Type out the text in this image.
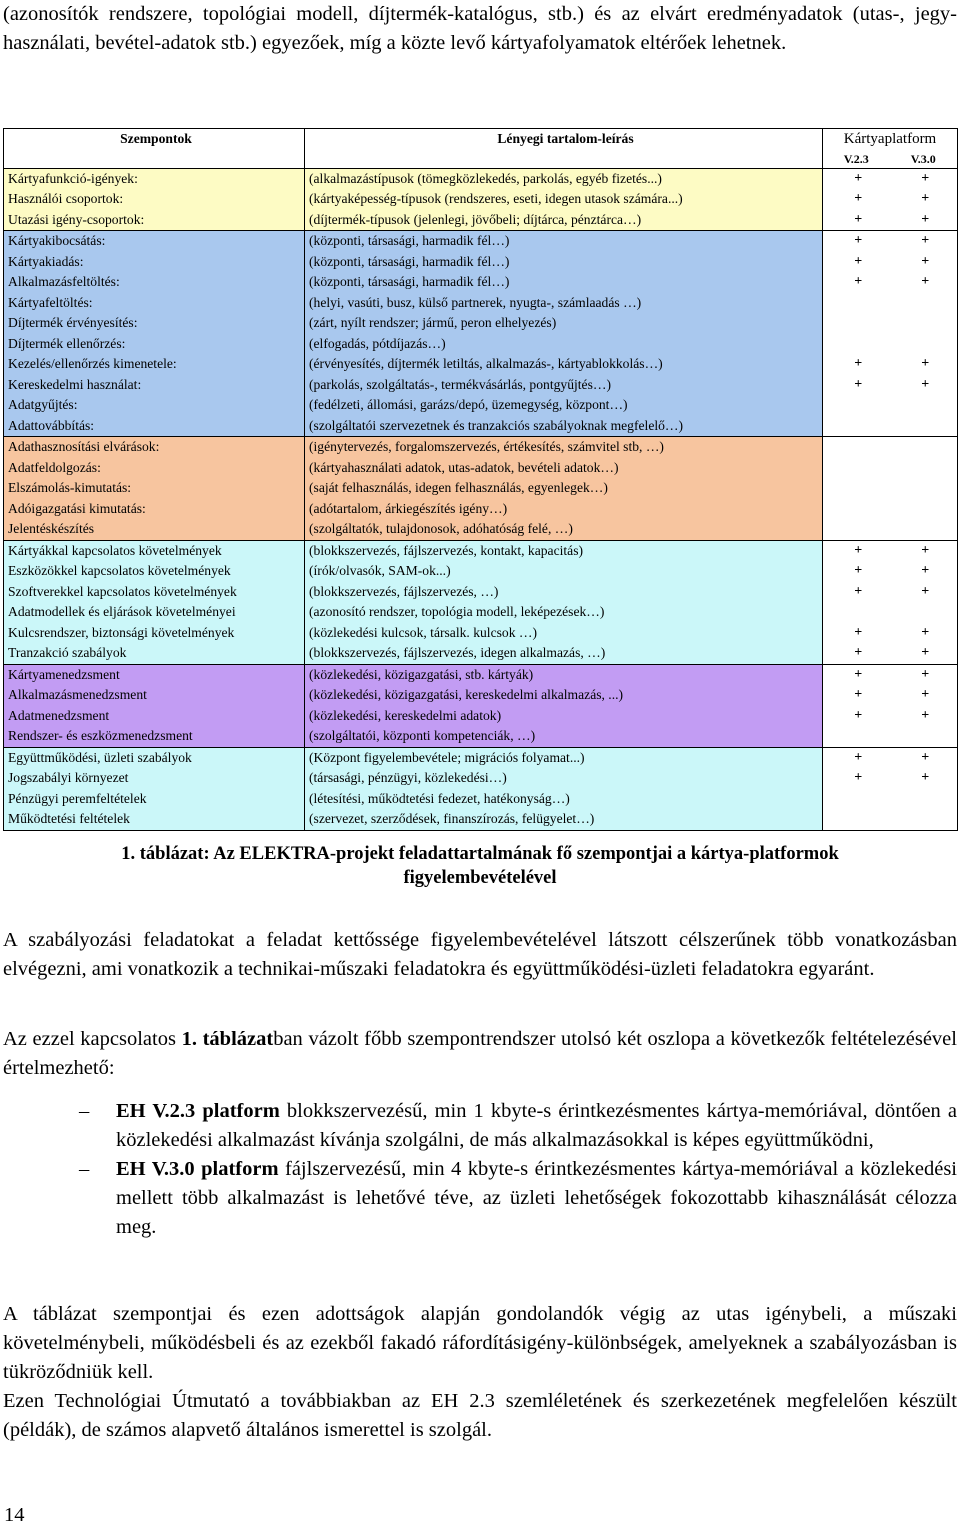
(azonosítók rendszere, topológiai modell, díjtermék-katalógus, stb.) és az elvárt eredményadatok (utas-, jegy-használati, bevétel-adatok stb.) egyezőek, míg a közte levő kártyafolyamatok eltérőek lehetnek.
Szempontok	Lényegi tartalom-leírás	Kártyaplatform	
		V.2.3	V.3.0
Kártyafunkció-igények:	(alkalmazástípusok (tömegközlekedés, parkolás, egyéb fizetés...)	+	+
Használói csoportok:	(kártyaképesség-típusok (rendszeres, eseti, idegen utasok számára...)	+	+
Utazási igény-csoportok:	(díjtermék-típusok (jelenlegi, jövőbeli; díjtárca, pénztárca…)	+	+
Kártyakibocsátás:	(központi, társasági, harmadik fél…)	+	+
Kártyakiadás:	(központi, társasági, harmadik fél…)	+	+
Alkalmazásfeltöltés:	(központi, társasági, harmadik fél…)	+	+
Kártyafeltöltés:	(helyi, vasúti, busz, külső partnerek, nyugta-, számlaadás …)		
Díjtermék érvényesítés:	(zárt, nyílt rendszer; jármű, peron elhelyezés)		
Díjtermék ellenőrzés:	(elfogadás, pótdíjazás…)		
Kezelés/ellenőrzés kimenetele:	(érvényesítés, díjtermék letiltás, alkalmazás-, kártyablokkolás…)	+	+
Kereskedelmi használat:	(parkolás, szolgáltatás-, termékvásárlás, pontgyűjtés…)	+	+
Adatgyűjtés:	(fedélzeti, állomási, garázs/depó, üzemegység, központ…)		
Adattovábbítás:	(szolgáltatói szervezetnek és tranzakciós szabályoknak megfelelő…)		
Adathasznosítási elvárások:	(igénytervezés, forgalomszervezés, értékesítés, számvitel stb, …)		
Adatfeldolgozás:	(kártyahasználati adatok, utas-adatok, bevételi adatok…)		
Elszámolás-kimutatás:	(saját felhasználás, idegen felhasználás, egyenlegek…)		
Adóigazgatási kimutatás:	(adótartalom, árkiegészítés igény…)		
Jelentéskészítés	(szolgáltatók, tulajdonosok, adóhatóság felé, …)		
Kártyákkal kapcsolatos követelmények	(blokkszervezés, fájlszervezés, kontakt, kapacitás)	+	+
Eszközökkel kapcsolatos követelmények	(írók/olvasók, SAM-ok...)	+	+
Szoftverekkel kapcsolatos követelmények	(blokkszervezés, fájlszervezés, …)	+	+
Adatmodellek és eljárások követelményei	(azonosító rendszer, topológia modell, leképezések…)		
Kulcsrendszer, biztonsági követelmények	(közlekedési kulcsok, társalk. kulcsok …)	+	+
Tranzakció szabályok	(blokkszervezés, fájlszervezés, idegen alkalmazás, …)	+	+
Kártyamenedzsment	(közlekedési, közigazgatási, stb. kártyák)	+	+
Alkalmazásmenedzsment	(közlekedési, közigazgatási, kereskedelmi alkalmazás, ...)	+	+
Adatmenedzsment	(közlekedési, kereskedelmi adatok)	+	+
Rendszer- és eszközmenedzsment	(szolgáltatói, központi kompetenciák, …)		
Együttműködési, üzleti szabályok	(Központ figyelembevétele; migrációs folyamat...)	+	+
Jogszabályi környezet	(társasági, pénzügyi, közlekedési…)	+	+
Pénzügyi peremfeltételek	(létesítési, működtetési fedezet, hatékonyság…)		
Működtetési feltételek	(szervezet, szerződések, finanszírozás, felügyelet…)		
1. táblázat: Az ELEKTRA-projekt feladattartalmának fő szempontjai a kártya-platformok
figyelembevételével
A szabályozási feladatokat a feladat kettőssége figyelembevételével látszott célszerűnek több vonatkozásban elvégezni, ami vonatkozik a technikai-műszaki feladatokra és együttműködési-üzleti feladatokra egyaránt.
Az ezzel kapcsolatos 1. táblázatban vázolt főbb szempontrendszer utolsó két oszlopa a következők feltételezésével értelmezhető:
– EH V.2.3 platform blokkszervezésű, min 1 kbyte-s érintkezésmentes kártya-memóriával, döntően a közlekedési alkalmazást kívánja szolgálni, de más alkalmazásokkal is képes együttműködni,
– EH V.3.0 platform fájlszervezésű, min 4 kbyte-s érintkezésmentes kártya-memóriával a közlekedési mellett több alkalmazást is lehetővé téve, az üzleti lehetőségek fokozottabb kihasználását célozza meg.
A táblázat szempontjai és ezen adottságok alapján gondolandók végig az utas igénybeli, a műszaki követelménybeli, működésbeli és az ezekből fakadó ráfordításigény-különbségek, amelyeknek a szabályozásban is tükröződniük kell.
Ezen Technológiai Útmutató a továbbiakban az EH 2.3 szemléletének és szerkezetének megfelelően készült (példák), de számos alapvető általános ismerettel is szolgál.
14
